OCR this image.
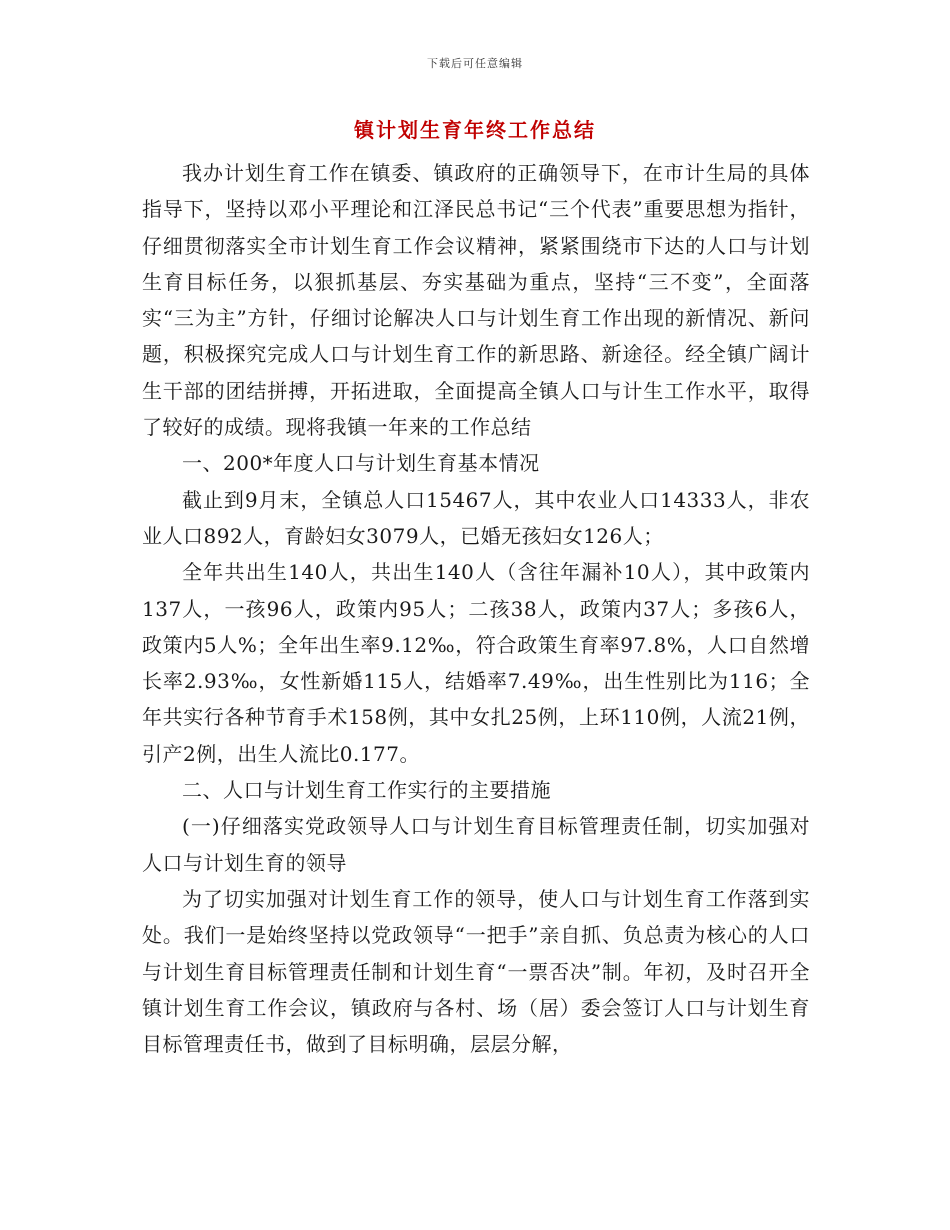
下载后可任意编辑
镇计划生育年终工作总结

我办计划生育工作在镇委、镇政府的正确领导下，在市计生局的具体指导下，坚持以邓小平理论和江泽民总书记“三个代表”重要思想为指针，仔细贯彻落实全市计划生育工作会议精神，紧紧围绕市下达的人口与计划生育目标任务，以狠抓基层、夯实基础为重点，坚持“三不变”，全面落实“三为主”方针，仔细讨论解决人口与计划生育工作出现的新情况、新问题，积极探究完成人口与计划生育工作的新思路、新途径。经全镇广阔计生干部的团结拼搏，开拓进取，全面提高全镇人口与计生工作水平，取得了较好的成绩。现将我镇一年来的工作总结

一、200*年度人口与计划生育基本情况

截止到9月末，全镇总人口15467人，其中农业人口14333人，非农业人口892人，育龄妇女3079人，已婚无孩妇女126人；

全年共出生140人，共出生140人（含往年漏补10人），其中政策内137人，一孩96人，政策内95人；二孩38人，政策内37人；多孩6人，政策内5人%；全年出生率9.12‰，符合政策生育率97.8%，人口自然增长率2.93‰，女性新婚115人，结婚率7.49‰，出生性别比为116；全年共实行各种节育手术158例，其中女扎25例，上环110例，人流21例，引产2例，出生人流比0.177。

二、人口与计划生育工作实行的主要措施

(一)仔细落实党政领导人口与计划生育目标管理责任制，切实加强对人口与计划生育的领导

为了切实加强对计划生育工作的领导，使人口与计划生育工作落到实处。我们一是始终坚持以党政领导“一把手”亲自抓、负总责为核心的人口与计划生育目标管理责任制和计划生育“一票否决”制。年初，及时召开全镇计划生育工作会议，镇政府与各村、场（居）委会签订人口与计划生育目标管理责任书，做到了目标明确，层层分解，
